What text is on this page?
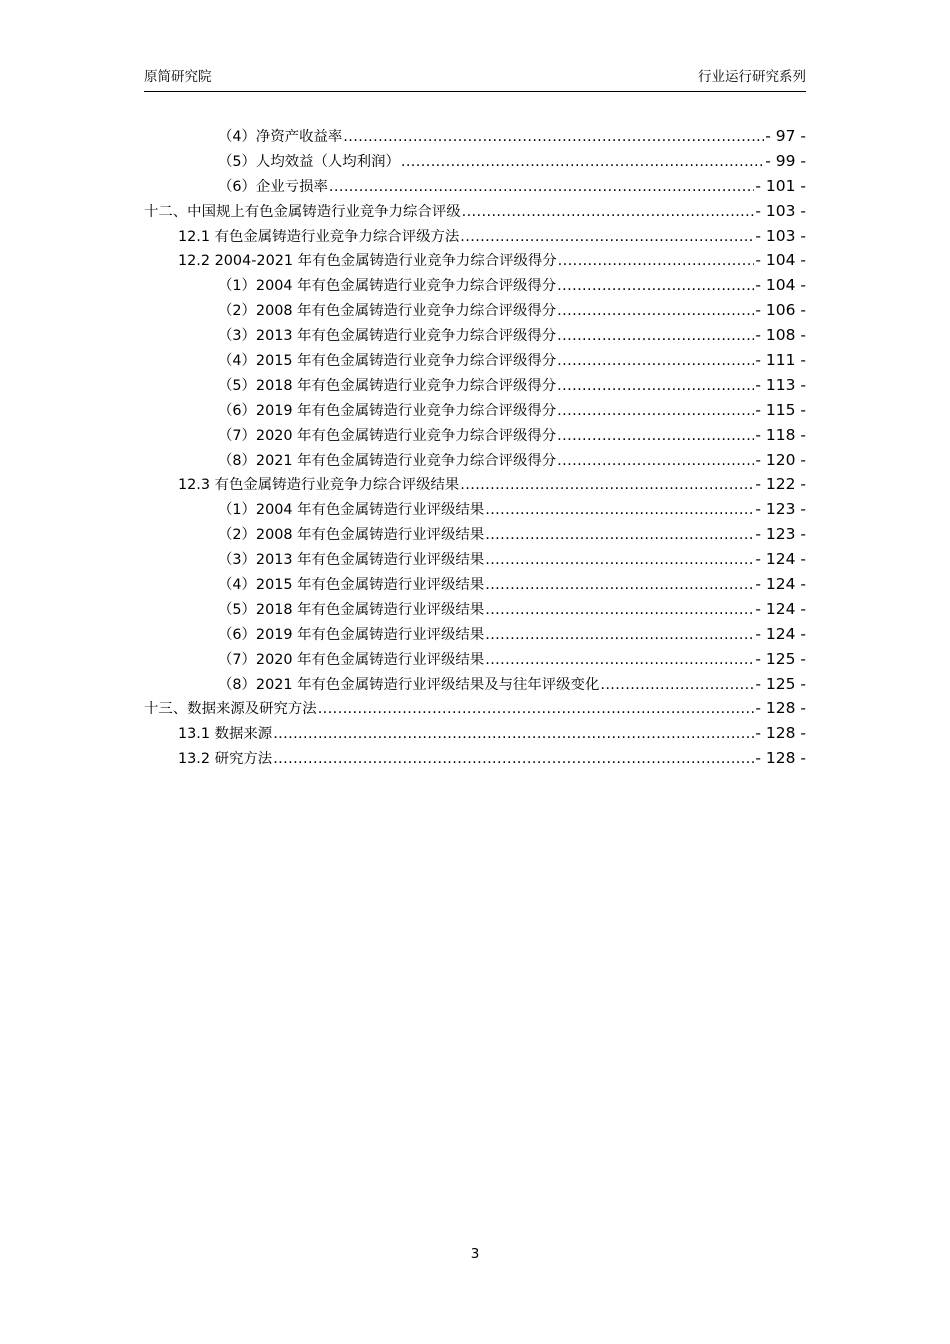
原简研究院	行业运行研究系列
（4）净资产收益率 .....	- 97 -
（5）人均效益（人均利润） .....	- 99 -
（6）企业亏损率 .....	- 101 -
十二、中国规上有色金属铸造行业竞争力综合评级 .....	- 103 -
12.1 有色金属铸造行业竞争力综合评级方法 .....	- 103 -
12.2 2004-2021 年有色金属铸造行业竞争力综合评级得分 .....	- 104 -
（1）2004 年有色金属铸造行业竞争力综合评级得分 .....	- 104 -
（2）2008 年有色金属铸造行业竞争力综合评级得分 .....	- 106 -
（3）2013 年有色金属铸造行业竞争力综合评级得分 .....	- 108 -
（4）2015 年有色金属铸造行业竞争力综合评级得分 .....	- 111 -
（5）2018 年有色金属铸造行业竞争力综合评级得分 .....	- 113 -
（6）2019 年有色金属铸造行业竞争力综合评级得分 .....	- 115 -
（7）2020 年有色金属铸造行业竞争力综合评级得分 .....	- 118 -
（8）2021 年有色金属铸造行业竞争力综合评级得分 .....	- 120 -
12.3 有色金属铸造行业竞争力综合评级结果 .....	- 122 -
（1）2004 年有色金属铸造行业评级结果 .....	- 123 -
（2）2008 年有色金属铸造行业评级结果 .....	- 123 -
（3）2013 年有色金属铸造行业评级结果 .....	- 124 -
（4）2015 年有色金属铸造行业评级结果 .....	- 124 -
（5）2018 年有色金属铸造行业评级结果 .....	- 124 -
（6）2019 年有色金属铸造行业评级结果 .....	- 124 -
（7）2020 年有色金属铸造行业评级结果 .....	- 125 -
（8）2021 年有色金属铸造行业评级结果及与往年评级变化 .....	- 125 -
十三、数据来源及研究方法 .....	- 128 -
13.1 数据来源 .....	- 128 -
13.2 研究方法 .....	- 128 -
3
